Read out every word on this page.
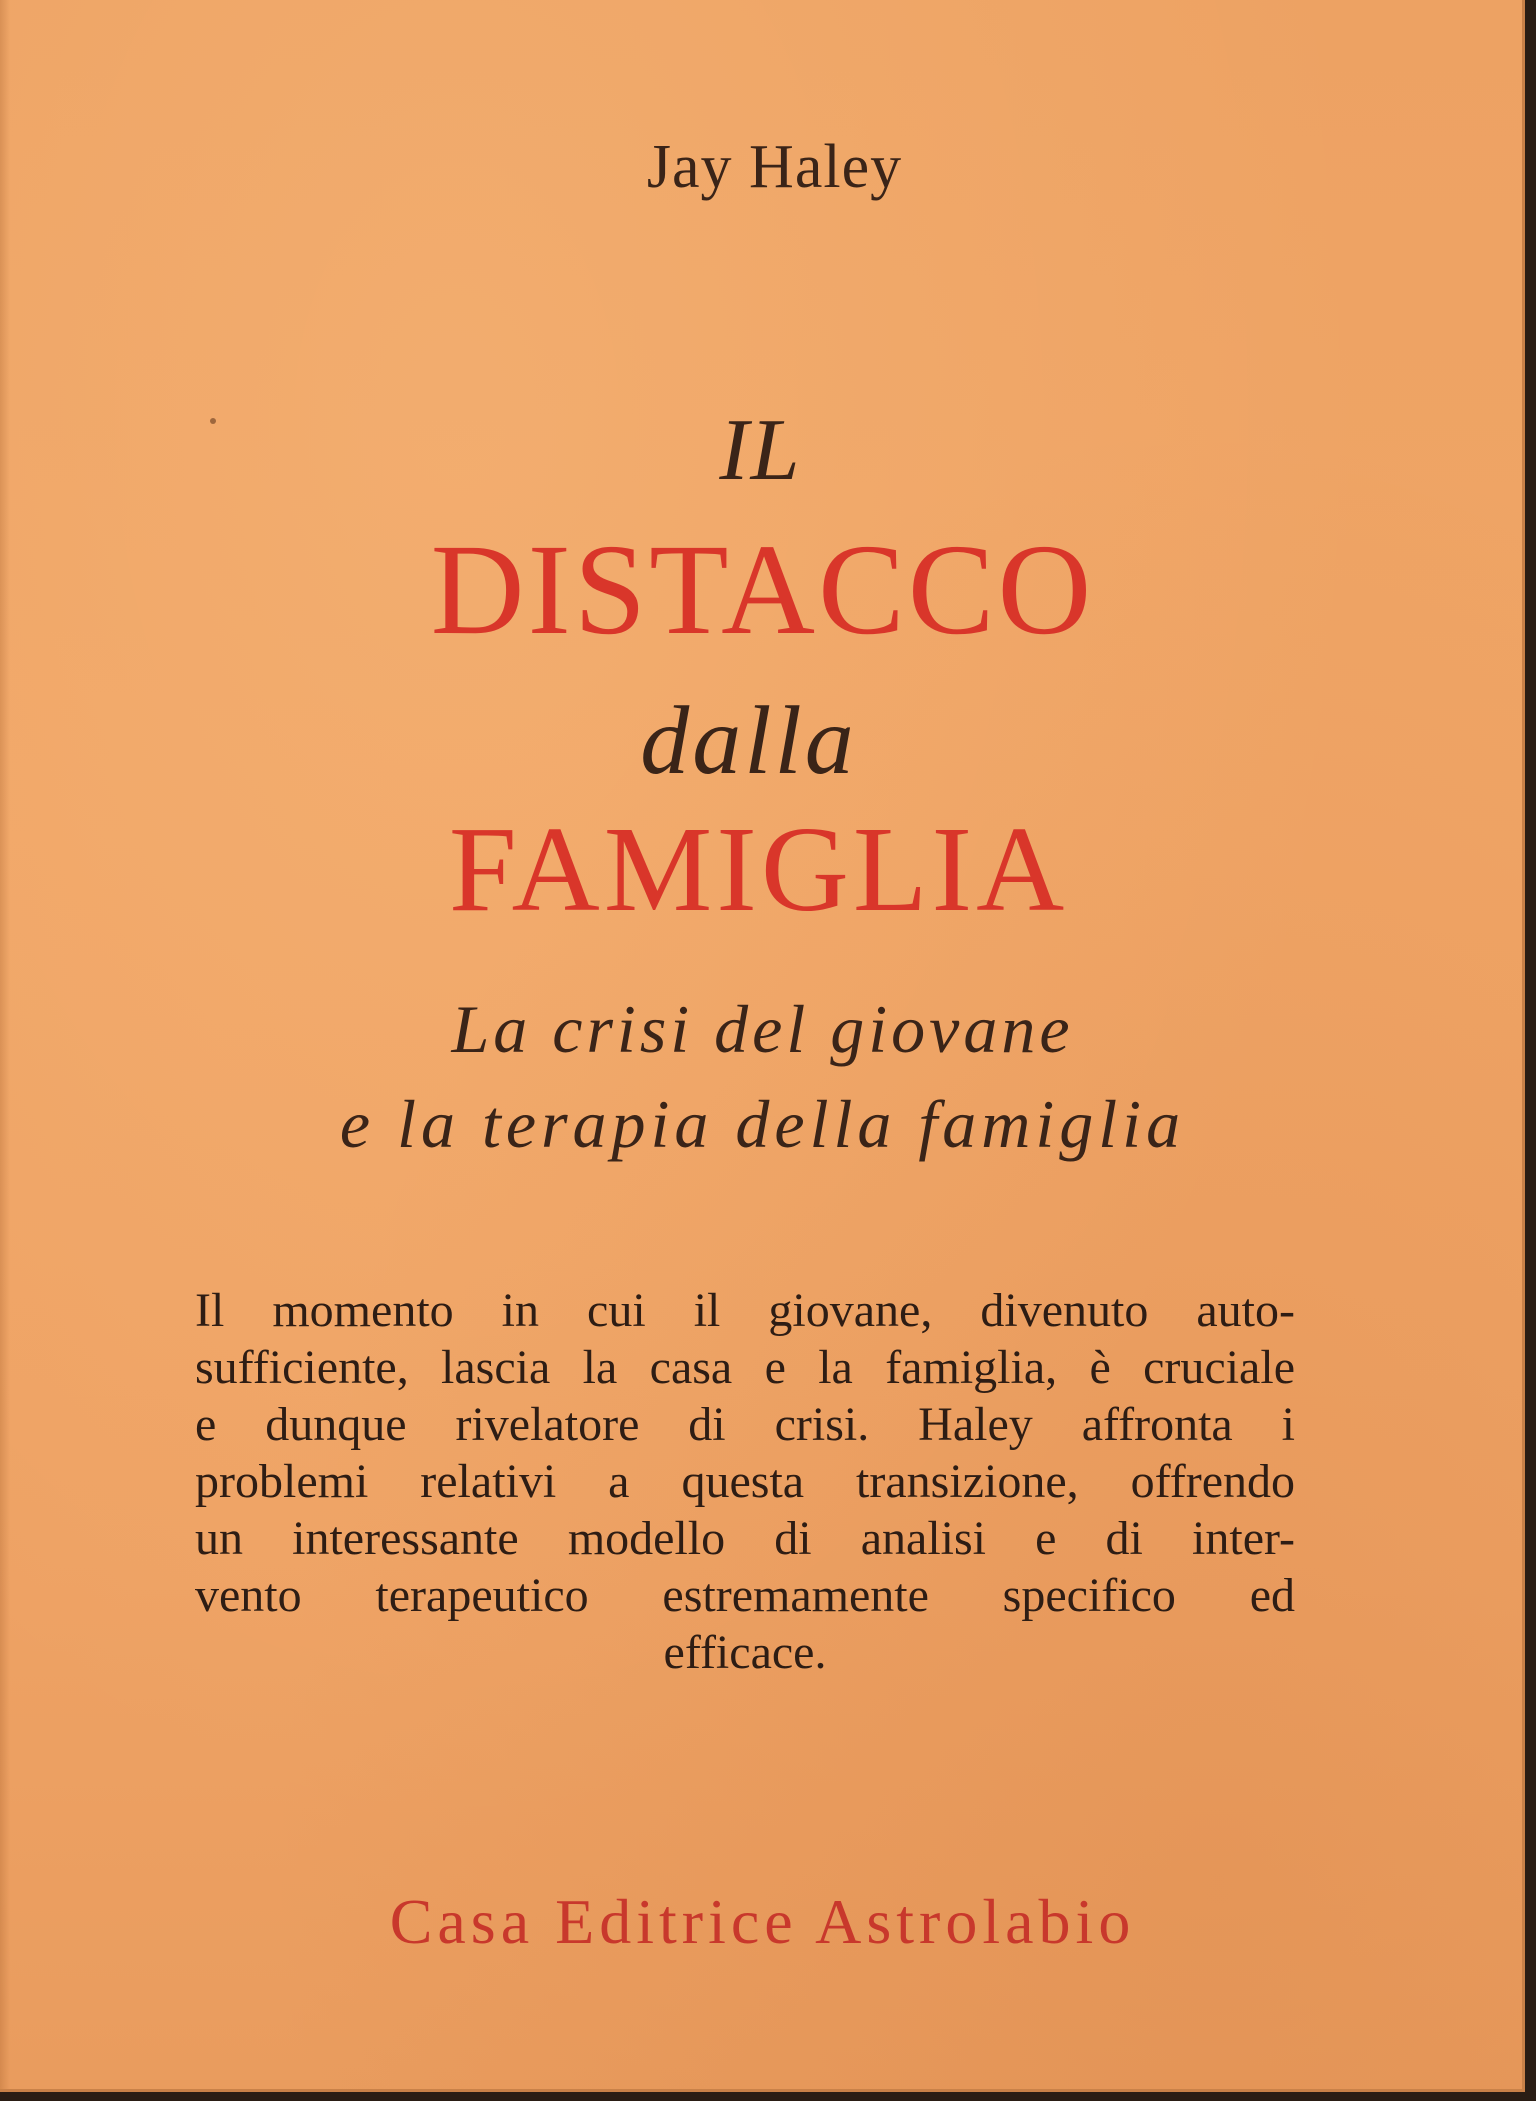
Jay Haley

IL

DISTACCO

dalla

FAMIGLIA

La crisi del giovane

e la terapia della famiglia

Il momento in cui il giovane, divenuto auto-
sufficiente, lascia la casa e la famiglia, è cruciale
e dunque rivelatore di crisi. Haley affronta i
problemi relativi a questa transizione, offrendo
un interessante modello di analisi e di inter-
vento terapeutico estremamente specifico ed
efficace.

Casa Editrice Astrolabio
